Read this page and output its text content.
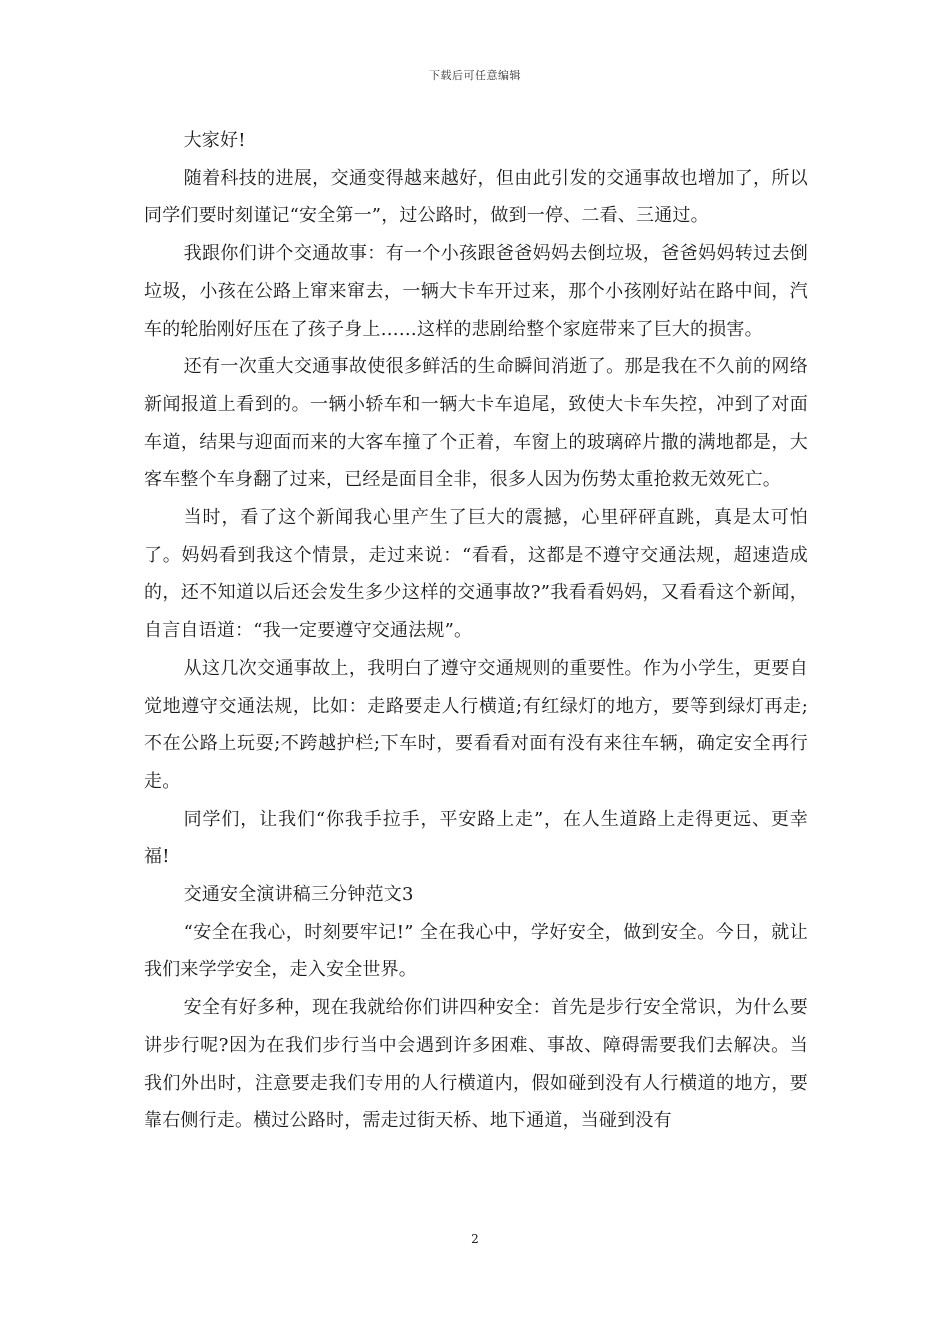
下载后可任意编辑

大家好!

随着科技的进展，交通变得越来越好，但由此引发的交通事故也增加了，所以同学们要时刻谨记“安全第一”，过公路时，做到一停、二看、三通过。

我跟你们讲个交通故事：有一个小孩跟爸爸妈妈去倒垃圾，爸爸妈妈转过去倒垃圾，小孩在公路上窜来窜去，一辆大卡车开过来，那个小孩刚好站在路中间，汽车的轮胎刚好压在了孩子身上……这样的悲剧给整个家庭带来了巨大的损害。

还有一次重大交通事故使很多鲜活的生命瞬间消逝了。那是我在不久前的网络新闻报道上看到的。一辆小轿车和一辆大卡车追尾，致使大卡车失控，冲到了对面车道，结果与迎面而来的大客车撞了个正着，车窗上的玻璃碎片撒的满地都是，大客车整个车身翻了过来，已经是面目全非，很多人因为伤势太重抢救无效死亡。

当时，看了这个新闻我心里产生了巨大的震撼，心里砰砰直跳，真是太可怕了。妈妈看到我这个情景，走过来说：“看看，这都是不遵守交通法规，超速造成的，还不知道以后还会发生多少这样的交通事故?”我看看妈妈，又看看这个新闻，自言自语道：“我一定要遵守交通法规”。

从这几次交通事故上，我明白了遵守交通规则的重要性。作为小学生，更要自觉地遵守交通法规，比如：走路要走人行横道;有红绿灯的地方，要等到绿灯再走;不在公路上玩耍;不跨越护栏;下车时，要看看对面有没有来往车辆，确定安全再行走。

同学们，让我们“你我手拉手，平安路上走”，在人生道路上走得更远、更幸福!

交通安全演讲稿三分钟范文3

“安全在我心，时刻要牢记!” 全在我心中，学好安全，做到安全。今日，就让我们来学学安全，走入安全世界。

安全有好多种，现在我就给你们讲四种安全：首先是步行安全常识，为什么要讲步行呢?因为在我们步行当中会遇到许多困难、事故、障碍需要我们去解决。当我们外出时，注意要走我们专用的人行横道内，假如碰到没有人行横道的地方，要靠右侧行走。横过公路时，需走过街天桥、地下通道，当碰到没有

2
